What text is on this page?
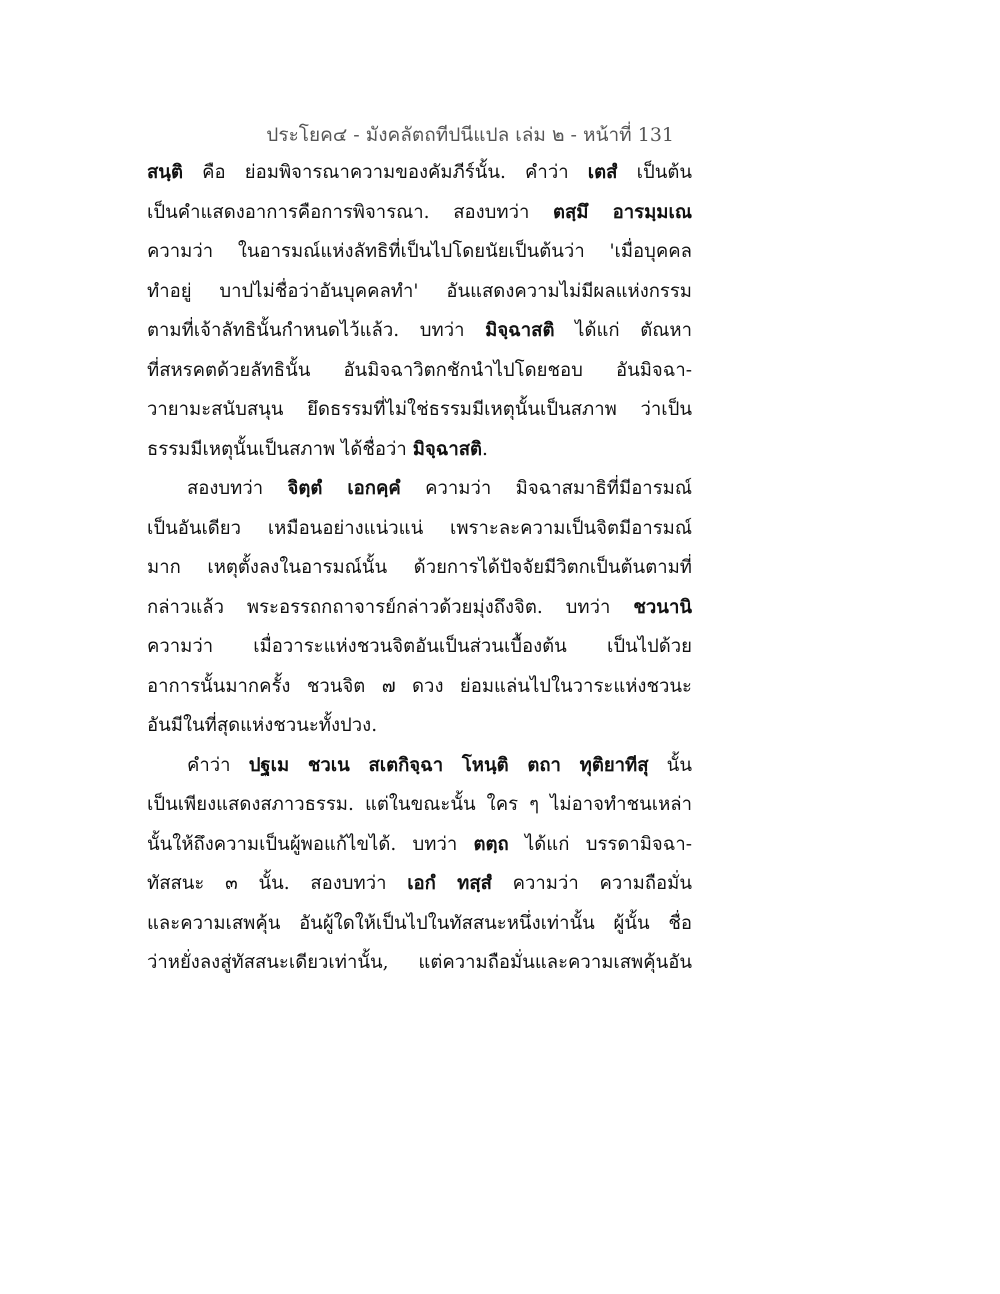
ประโยค๔ - มังคลัตถทีปนีแปล เล่ม ๒ - หน้าที่ 131
สนฺติ คือ ย่อมพิจารณาความของคัมภีร์นั้น. คำว่า เตสํ เป็นต้น
เป็นคำแสดงอาการคือการพิจารณา. สองบทว่า ตสฺมึ อารมฺมเณ
ความว่า ในอารมณ์แห่งลัทธิที่เป็นไปโดยนัยเป็นต้นว่า 'เมื่อบุคคล
ทำอยู่ บาปไม่ชื่อว่าอันบุคคลทำ' อันแสดงความไม่มีผลแห่งกรรม
ตามที่เจ้าลัทธินั้นกำหนดไว้แล้ว. บทว่า มิจฺฉาสติ ได้แก่ ตัณหา
ที่สหรคตด้วยลัทธินั้น อันมิจฉาวิตกชักนำไปโดยชอบ อันมิจฉา-
วายามะสนับสนุน ยึดธรรมที่ไม่ใช่ธรรมมีเหตุนั้นเป็นสภาพ ว่าเป็น
ธรรมมีเหตุนั้นเป็นสภาพ ได้ชื่อว่า มิจฺฉาสติ.
สองบทว่า จิตฺตํ เอกคฺคํ ความว่า มิจฉาสมาธิที่มีอารมณ์
เป็นอันเดียว เหมือนอย่างแน่วแน่ เพราะละความเป็นจิตมีอารมณ์
มาก เหตุตั้งลงในอารมณ์นั้น ด้วยการได้ปัจจัยมีวิตกเป็นต้นตามที่
กล่าวแล้ว พระอรรถกถาจารย์กล่าวด้วยมุ่งถึงจิต. บทว่า ชวนานิ
ความว่า เมื่อวาระแห่งชวนจิตอันเป็นส่วนเบื้องต้น เป็นไปด้วย
อาการนั้นมากครั้ง ชวนจิต ๗ ดวง ย่อมแล่นไปในวาระแห่งชวนะ
อันมีในที่สุดแห่งชวนะทั้งปวง.
คำว่า ปฐเม ชวเน สเตกิจฺฉา โหนฺติ ตถา ทุติยาทีสุ นั้น
เป็นเพียงแสดงสภาวธรรม. แต่ในขณะนั้น ใคร ๆ ไม่อาจทำชนเหล่า
นั้นให้ถึงความเป็นผู้พอแก้ไขได้. บทว่า ตตฺถ ได้แก่ บรรดามิจฉา-
ทัสสนะ ๓ นั้น. สองบทว่า เอกํ ทสฺสํ ความว่า ความถือมั่น
และความเสพคุ้น อันผู้ใดให้เป็นไปในทัสสนะหนึ่งเท่านั้น ผู้นั้น ชื่อ
ว่าหยั่งลงสู่ทัสสนะเดียวเท่านั้น, แต่ความถือมั่นและความเสพคุ้นอัน
